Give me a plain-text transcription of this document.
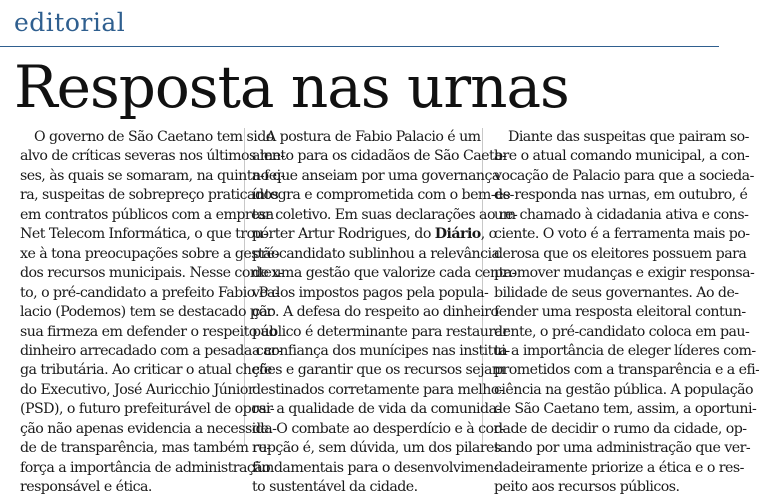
editorial
Resposta nas urnas
O governo de São Caetano tem sido
alvo de críticas severas nos últimos me-
ses, às quais se somaram, na quinta-fei-
ra, suspeitas de sobrepreço praticados
em contratos públicos com a empresa
Net Telecom Informática, o que trou-
xe à tona preocupações sobre a gestão
dos recursos municipais. Nesse contex-
to, o pré-candidato a prefeito Fabio Pa-
lacio (Podemos) tem se destacado por
sua firmeza em defender o respeito ao
dinheiro arrecadado com a pesada car-
ga tributária. Ao criticar o atual chefe
do Executivo, José Auricchio Júnior
(PSD), o futuro prefeiturável de oposi-
ção não apenas evidencia a necessida-
de de transparência, mas também re-
força a importância de administração
responsável e ética.
A postura de Fabio Palacio é um
alento para os cidadãos de São Caeta-
no que anseiam por uma governança
íntegra e comprometida com o bem-es-
tar coletivo. Em suas declarações ao re-
pórter Artur Rodrigues, do Diário, o
pré-candidato sublinhou a relevância
de uma gestão que valorize cada centa-
vo dos impostos pagos pela popula-
ção. A defesa do respeito ao dinheiro
público é determinante para restaurar
a confiança dos munícipes nas institui-
ções e garantir que os recursos sejam
destinados corretamente para melho-
rar a qualidade de vida da comunida-
de. O combate ao desperdício e à cor-
rupção é, sem dúvida, um dos pilares
fundamentais para o desenvolvimen-
to sustentável da cidade.
Diante das suspeitas que pairam so-
bre o atual comando municipal, a con-
vocação de Palacio para que a socieda-
de responda nas urnas, em outubro, é
um chamado à cidadania ativa e cons-
ciente. O voto é a ferramenta mais po-
derosa que os eleitores possuem para
promover mudanças e exigir responsa-
bilidade de seus governantes. Ao de-
fender uma resposta eleitoral contun-
dente, o pré-candidato coloca em pau-
ta a importância de eleger líderes com-
prometidos com a transparência e a efi-
ciência na gestão pública. A população
de São Caetano tem, assim, a oportuni-
dade de decidir o rumo da cidade, op-
tando por uma administração que ver-
dadeiramente priorize a ética e o res-
peito aos recursos públicos.
